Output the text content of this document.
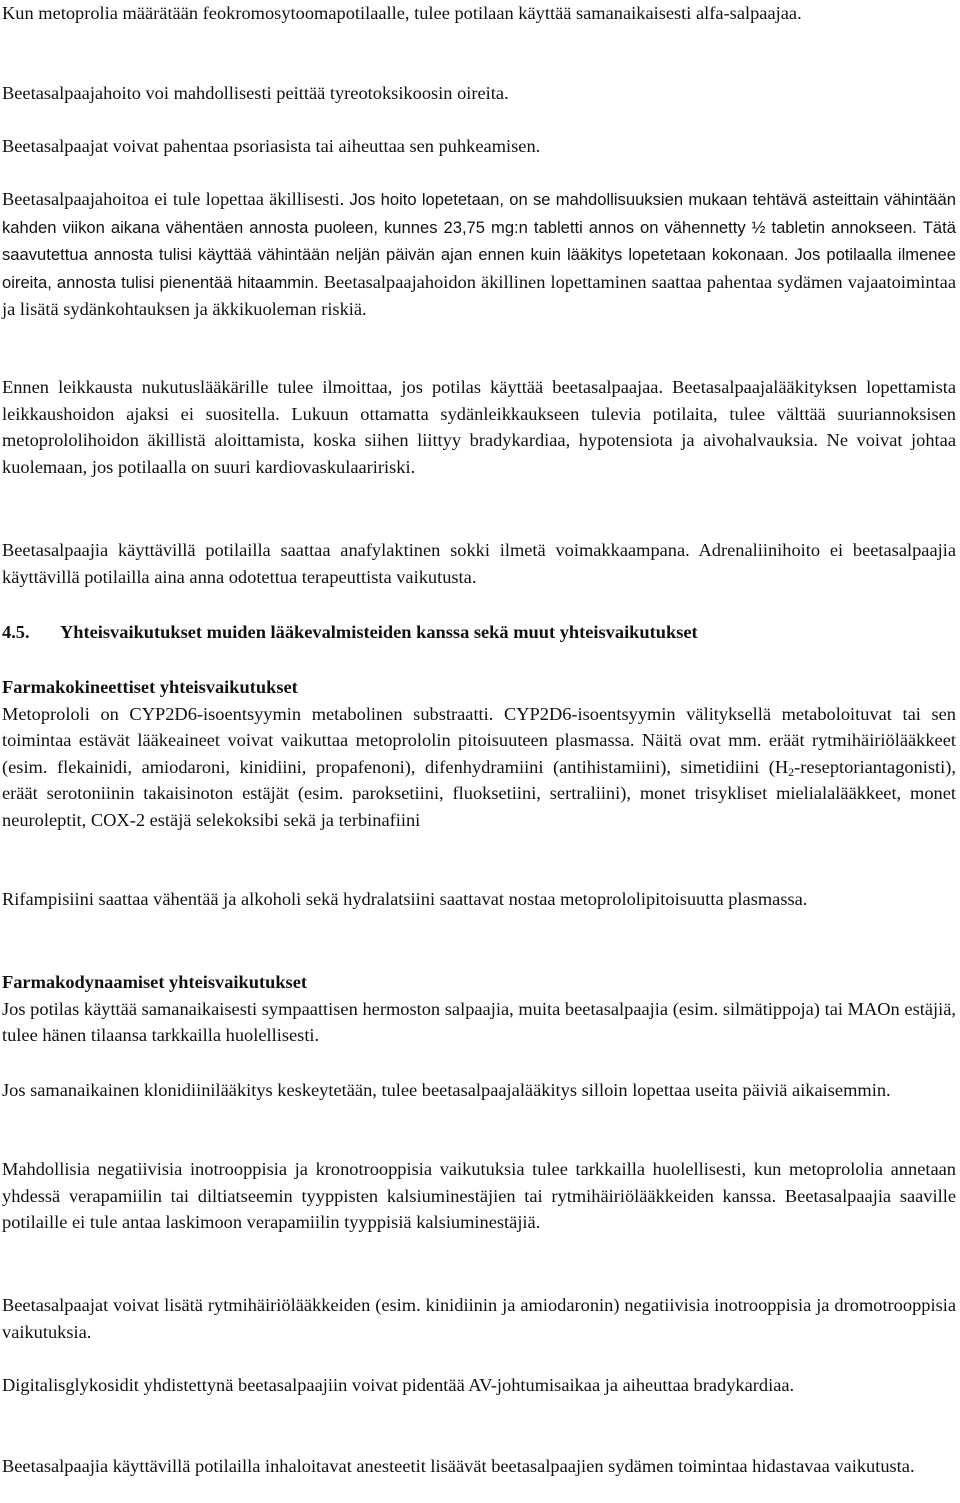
Kun metoprolia määrätään feokromosytoomapotilaalle, tulee potilaan käyttää samanaikaisesti alfa-salpaajaa.

Beetasalpaajahoito voi mahdollisesti peittää tyreotoksikoosin oireita.

Beetasalpaajat voivat pahentaa psoriasista tai aiheuttaa sen puhkeamisen.

Beetasalpaajahoitoa ei tule lopettaa äkillisesti. Jos hoito lopetetaan, on se mahdollisuuksien mukaan tehtävä asteittain vähintään kahden viikon aikana vähentäen annosta puoleen, kunnes 23,75 mg:n tabletti annos on vähennetty ½ tabletin annokseen. Tätä saavutettua annosta tulisi käyttää vähintään neljän päivän ajan ennen kuin lääkitys lopetetaan kokonaan. Jos potilaalla ilmenee oireita, annosta tulisi pienentää hitaammin. Beetasalpaajahoidon äkillinen lopettaminen saattaa pahentaa sydämen vajaatoimintaa ja lisätä sydänkohtauksen ja äkkikuoleman riskiä.

Ennen leikkausta nukutuslääkärille tulee ilmoittaa, jos potilas käyttää beetasalpaajaa. Beetasalpaajalääkityksen lopettamista leikkaushoidon ajaksi ei suositella. Lukuun ottamatta sydänleikkaukseen tulevia potilaita, tulee välttää suuriannoksisen metoprololihoidon äkillistä aloittamista, koska siihen liittyy bradykardiaa, hypotensiota ja aivohalvauksia. Ne voivat johtaa kuolemaan, jos potilaalla on suuri kardiovaskulaaririski.

Beetasalpaajia käyttävillä potilailla saattaa anafylaktinen sokki ilmetä voimakkaampana. Adrenaliinihoito ei beetasalpaajia käyttävillä potilailla aina anna odotettua terapeuttista vaikutusta.

4.5. Yhteisvaikutukset muiden lääkevalmisteiden kanssa sekä muut yhteisvaikutukset

Farmakokineettiset yhteisvaikutukset
Metoprololi on CYP2D6-isoentsyymin metabolinen substraatti. CYP2D6-isoentsyymin välityksellä metaboloituvat tai sen toimintaa estävät lääkeaineet voivat vaikuttaa metoprololin pitoisuuteen plasmassa. Näitä ovat mm. eräät rytmihäiriölääkkeet (esim. flekainidi, amiodaroni, kinidiini, propafenoni), difenhydramiini (antihistamiini), simetidiini $(H_2-reseptoriantagonisti)$, eräät serotoniinin takaisinoton estäjät (esim. paroksetiini, fluoksetiini, sertraliini), monet trisykliset mielialalääkkeet, monet neuroleptit, COX-2 estäjä selekoksibi sekä ja terbinafiini

Rifampisiini saattaa vähentää ja alkoholi sekä hydralatsiini saattavat nostaa metoprololipitoisuutta plasmassa.

Farmakodynaamiset yhteisvaikutukset
Jos potilas käyttää samanaikaisesti sympaattisen hermoston salpaajia, muita beetasalpaajia (esim. silmätippoja) tai MAOn estäjiä, tulee hänen tilaansa tarkkailla huolellisesti.

Jos samanaikainen klonidiinilääkitys keskeytetään, tulee beetasalpaajalääkitys silloin lopettaa useita päiviä aikaisemmin.

Mahdollisia negatiivisia inotrooppisia ja kronotrooppisia vaikutuksia tulee tarkkailla huolellisesti, kun metoprololia annetaan yhdessä verapamiilin tai diltiatseemin tyyppisten kalsiuminestäjien tai rytmihäiriölääkkeiden kanssa. Beetasalpaajia saaville potilaille ei tule antaa laskimoon verapamiilin tyyppisiä kalsiuminestäjiä.

Beetasalpaajat voivat lisätä rytmihäiriölääkkeiden (esim. kinidiinin ja amiodaronin) negatiivisia inotrooppisia ja dromotrooppisia vaikutuksia.

Digitalisglykosidit yhdistettynä beetasalpaajiin voivat pidentää AV-johtumisaikaa ja aiheuttaa bradykardiaa.

Beetasalpaajia käyttävillä potilailla inhaloitavat anesteetit lisäävät beetasalpaajien sydämen toimintaa hidastavaa vaikutusta.
